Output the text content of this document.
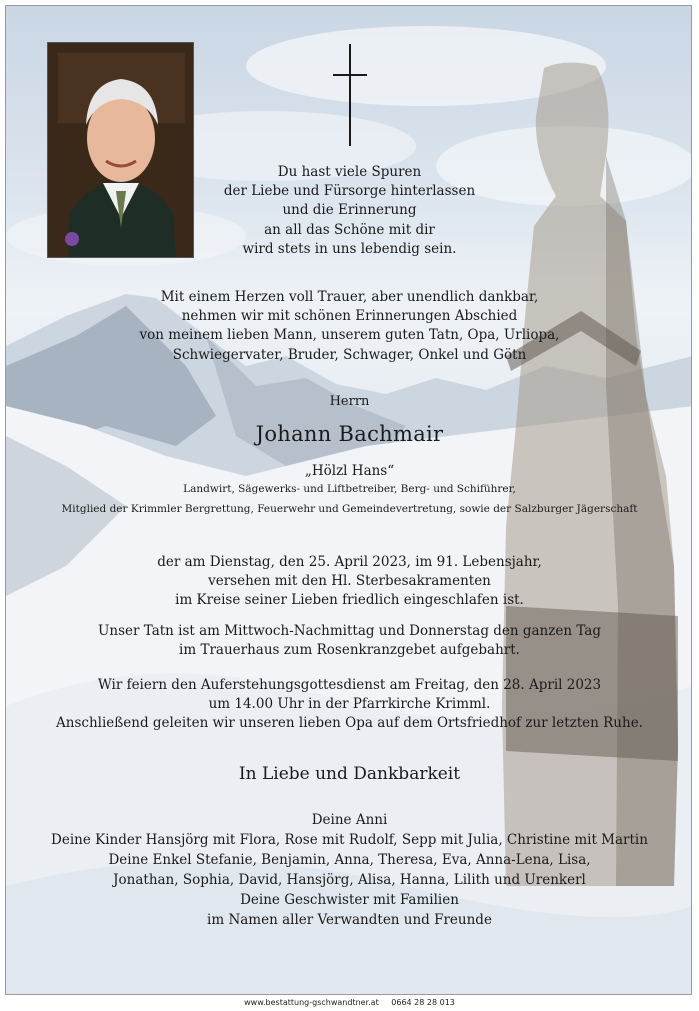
Du hast viele Spuren
der Liebe und Fürsorge hinterlassen
und die Erinnerung
an all das Schöne mit dir
wird stets in uns lebendig sein.
Mit einem Herzen voll Trauer, aber unendlich dankbar,
nehmen wir mit schönen Erinnerungen Abschied
von meinem lieben Mann, unserem guten Tatn, Opa, Urliopa,
Schwiegervater, Bruder, Schwager, Onkel und Götn
Herrn
Johann Bachmair
„Hölzl Hans“
Landwirt, Sägewerks- und Liftbetreiber, Berg- und Schiführer,
Mitglied der Krimmler Bergrettung, Feuerwehr und Gemeindevertretung, sowie der Salzburger Jägerschaft
der am Dienstag, den 25. April 2023, im 91. Lebensjahr,
versehen mit den Hl. Sterbesakramenten
im Kreise seiner Lieben friedlich eingeschlafen ist.
Unser Tatn ist am Mittwoch-Nachmittag und Donnerstag den ganzen Tag
im Trauerhaus zum Rosenkranzgebet aufgebahrt.
Wir feiern den Auferstehungsgottesdienst am Freitag, den 28. April 2023
um 14.00 Uhr in der Pfarrkirche Krimml.
Anschließend geleiten wir unseren lieben Opa auf dem Ortsfriedhof zur letzten Ruhe.
In Liebe und Dankbarkeit
Deine Anni
Deine Kinder Hansjörg mit Flora, Rose mit Rudolf, Sepp mit Julia, Christine mit Martin
Deine Enkel Stefanie, Benjamin, Anna, Theresa, Eva, Anna-Lena, Lisa,
Jonathan, Sophia, David, Hansjörg, Alisa, Hanna, Lilith und Urenkerl
Deine Geschwister mit Familien
im Namen aller Verwandten und Freunde
www.bestattung-gschwandtner.at 0664 28 28 013
